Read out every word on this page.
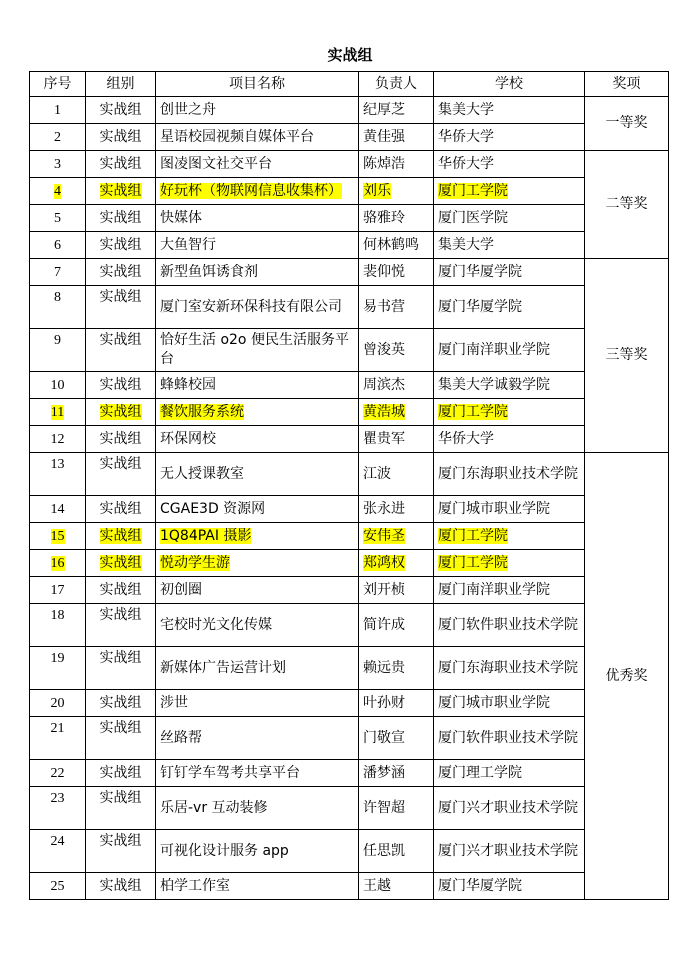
实战组
序号	组别	项目名称	负责人	学校	奖项
1	实战组	创世之舟	纪厚芝	集美大学	一等奖
2	实战组	星语校园视频自媒体平台	黄佳强	华侨大学	
3	实战组	图凌图文社交平台	陈焯浩	华侨大学	二等奖
4	实战组	好玩杯（物联网信息收集杯）	刘乐	厦门工学院	
5	实战组	快媒体	骆雅玲	厦门医学院	
6	实战组	大鱼智行	何林鹤鸣	集美大学	
7	实战组	新型鱼饵诱食剂	裴仰悦	厦门华厦学院	三等奖
8	实战组	厦门室安新环保科技有限公司	易书营	厦门华厦学院	
9	实战组	恰好生活 o2o 便民生活服务平台	曾浚英	厦门南洋职业学院	
10	实战组	蜂蜂校园	周滨杰	集美大学诚毅学院	
11	实战组	餐饮服务系统	黄浩城	厦门工学院	
12	实战组	环保网校	瞿贵军	华侨大学	
13	实战组	无人授课教室	江波	厦门东海职业技术学院	优秀奖
14	实战组	CGAE3D 资源网	张永进	厦门城市职业学院	
15	实战组	1Q84PAI 摄影	安伟圣	厦门工学院	
16	实战组	悦动学生游	郑鸿权	厦门工学院	
17	实战组	初创圈	刘开桢	厦门南洋职业学院	
18	实战组	宅校时光文化传媒	简许成	厦门软件职业技术学院	
19	实战组	新媒体广告运营计划	赖远贵	厦门东海职业技术学院	
20	实战组	涉世	叶孙财	厦门城市职业学院	
21	实战组	丝路帮	门敬宣	厦门软件职业技术学院	
22	实战组	钉钉学车驾考共享平台	潘梦涵	厦门理工学院	
23	实战组	乐居-vr 互动装修	许智超	厦门兴才职业技术学院	
24	实战组	可视化设计服务 app	任思凯	厦门兴才职业技术学院	
25	实战组	柏学工作室	王越	厦门华厦学院	
